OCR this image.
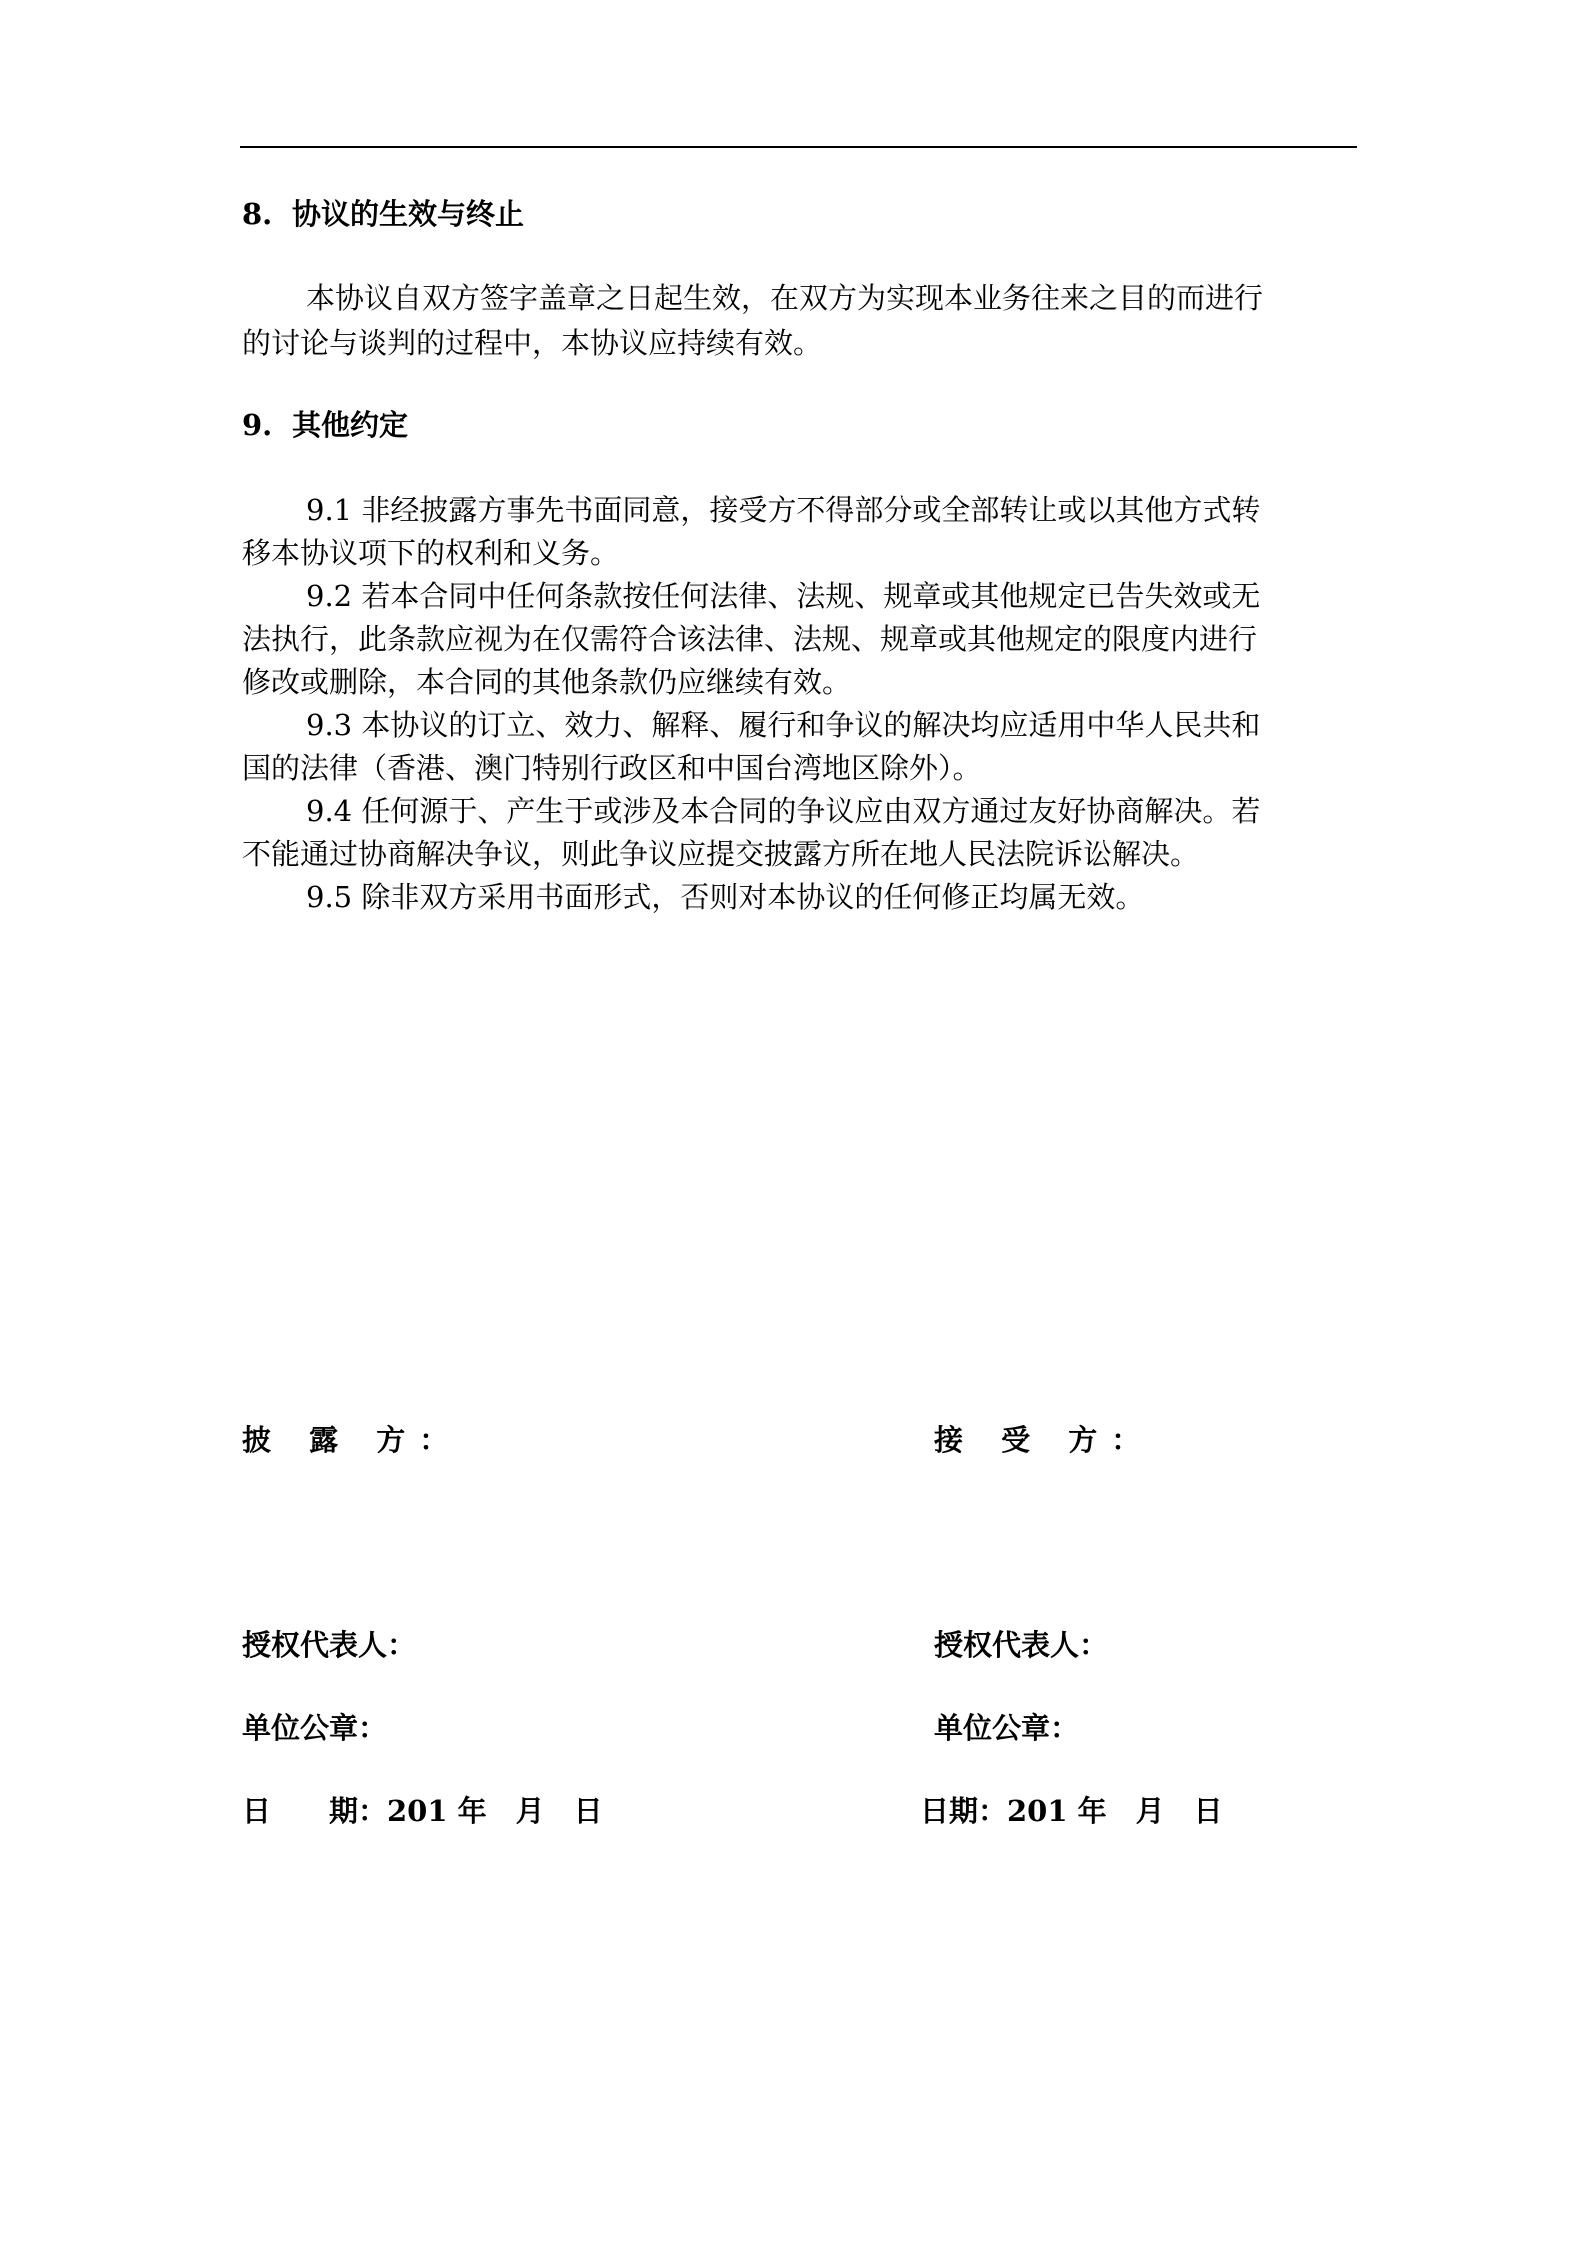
8. 协议的生效与终止
本协议自双方签字盖章之日起生效，在双方为实现本业务往来之目的而进行
的讨论与谈判的过程中，本协议应持续有效。
9. 其他约定
9.1 非经披露方事先书面同意，接受方不得部分或全部转让或以其他方式转
移本协议项下的权利和义务。
9.2 若本合同中任何条款按任何法律、法规、规章或其他规定已告失效或无
法执行，此条款应视为在仅需符合该法律、法规、规章或其他规定的限度内进行
修改或删除，本合同的其他条款仍应继续有效。
9.3 本协议的订立、效力、解释、履行和争议的解决均应适用中华人民共和
国的法律（香港、澳门特别行政区和中国台湾地区除外）。
9.4 任何源于、产生于或涉及本合同的争议应由双方通过友好协商解决。若
不能通过协商解决争议，则此争议应提交披露方所在地人民法院诉讼解决。
9.5 除非双方采用书面形式，否则对本协议的任何修正均属无效。
披 露 方：
授权代表人：
单位公章：
日　　期：201 年　月　日
接 受 方：
授权代表人：
单位公章：
日期：201 年　月　日
